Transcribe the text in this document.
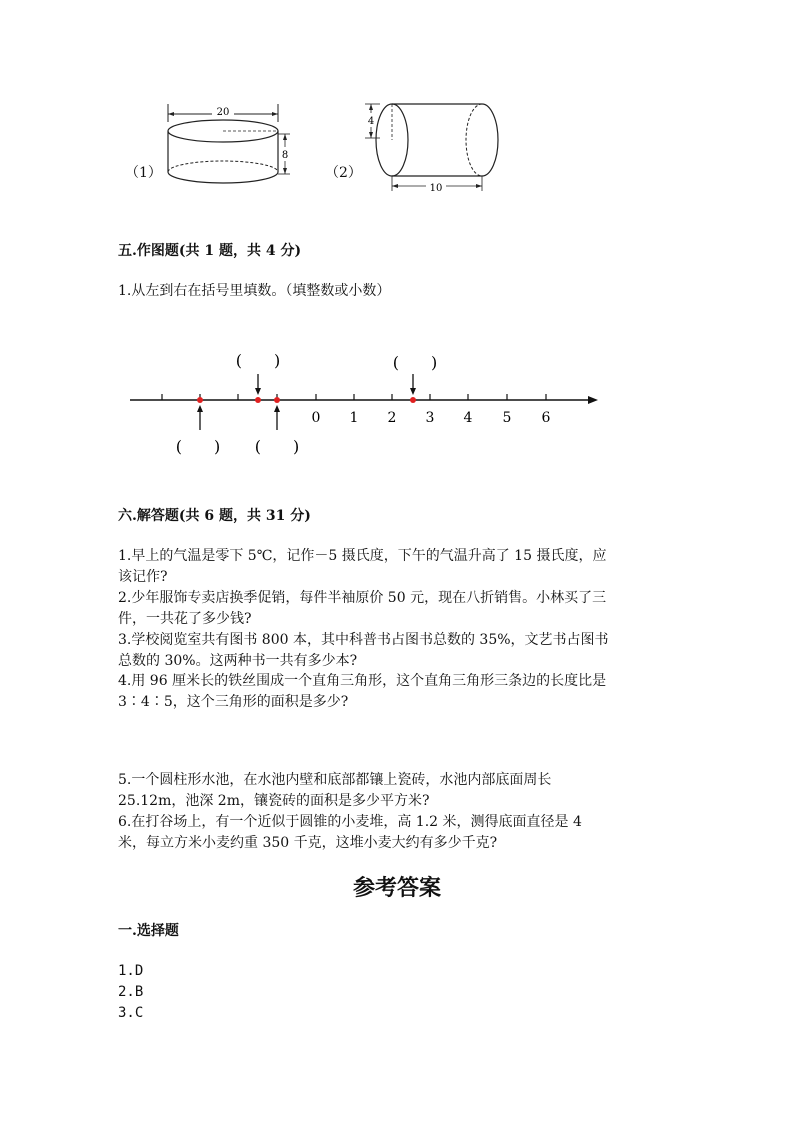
（1）
20
8
（2）
4
10
五.作图题(共 1 题，共 4 分)
1.从左到右在括号里填数。（填整数或小数）
0 1 2 3 4 5 6
(　　)	(　　)
(　　) (　　)
六.解答题(共 6 题，共 31 分)
1.早上的气温是零下 5℃，记作－5 摄氏度，下午的气温升高了 15 摄氏度，应
该记作?
2.少年服饰专卖店换季促销，每件半袖原价 50 元，现在八折销售。小林买了三
件，一共花了多少钱?
3.学校阅览室共有图书 800 本，其中科普书占图书总数的 35%，文艺书占图书
总数的 30%。这两种书一共有多少本?
4.用 96 厘米长的铁丝围成一个直角三角形，这个直角三角形三条边的长度比是
3∶4∶5，这个三角形的面积是多少?
5.一个圆柱形水池，在水池内壁和底部都镶上瓷砖，水池内部底面周长
25.12m，池深 2m，镶瓷砖的面积是多少平方米?
6.在打谷场上，有一个近似于圆锥的小麦堆，高 1.2 米，测得底面直径是 4
米，每立方米小麦约重 350 千克，这堆小麦大约有多少千克?
参考答案
一.选择题
1.D
2.B
3.C
